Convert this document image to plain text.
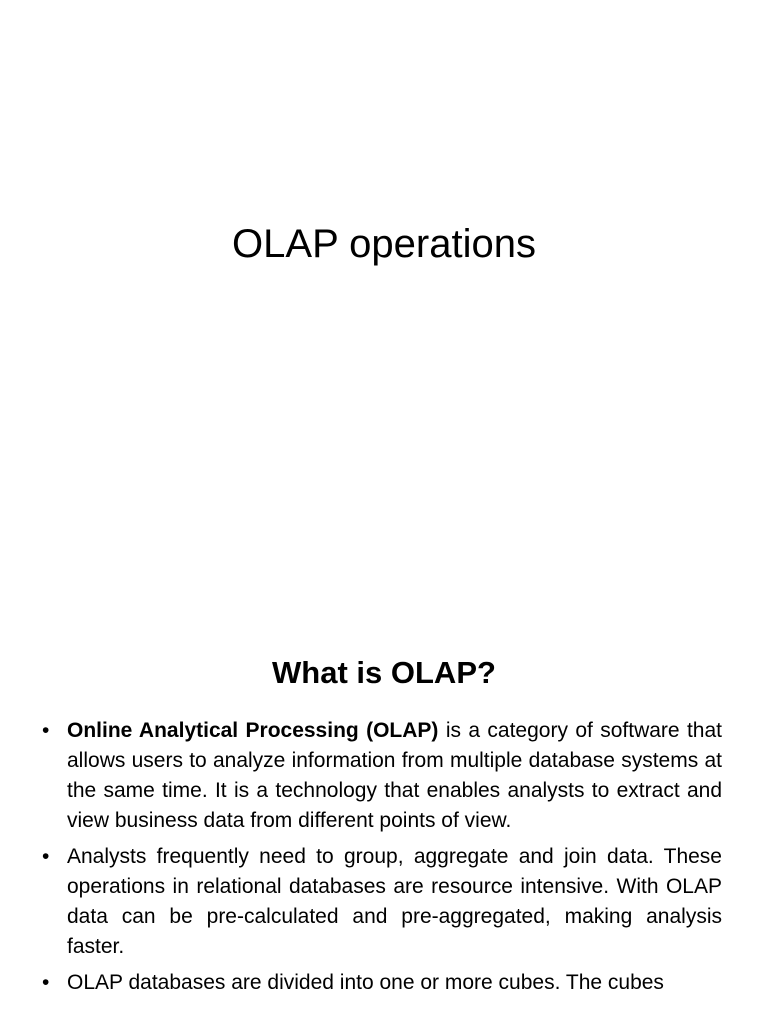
OLAP operations
What is OLAP?
• Online Analytical Processing (OLAP) is a category of software that allows users to analyze information from multiple database systems at the same time. It is a technology that enables analysts to extract and view business data from different points of view.
• Analysts frequently need to group, aggregate and join data. These operations in relational databases are resource intensive. With OLAP data can be pre-calculated and pre-aggregated, making analysis faster.
• OLAP databases are divided into one or more cubes. The cubes
